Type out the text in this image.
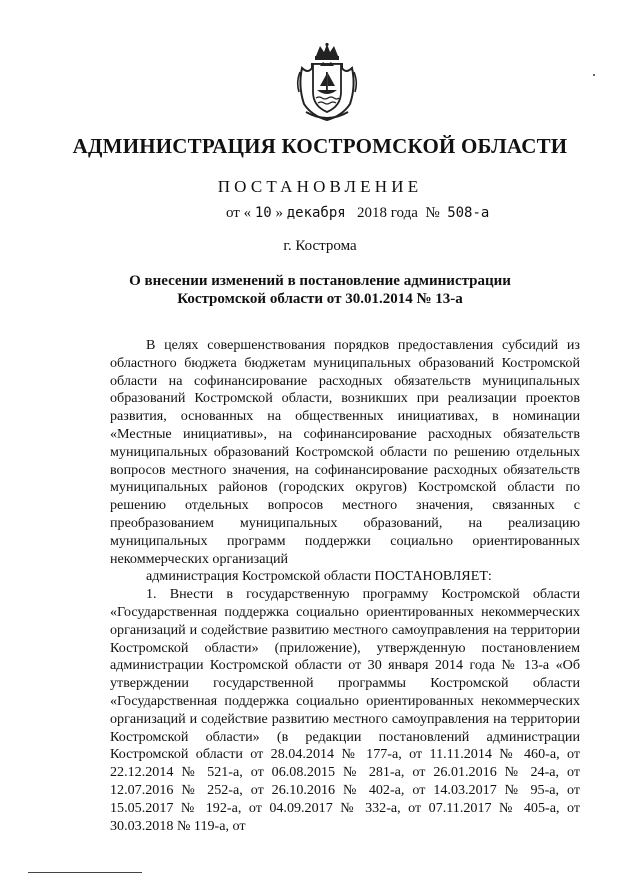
АДМИНИСТРАЦИЯ КОСТРОМСКОЙ ОБЛАСТИ
ПОСТАНОВЛЕНИЕ
от « 10 » декабря 2018 года № 508-а
г. Кострома
О внесении изменений в постановление администрации
Костромской области от 30.01.2014 № 13-а

В целях совершенствования порядков предоставления субсидий из областного бюджета бюджетам муниципальных образований Костромской области на софинансирование расходных обязательств муниципальных образований Костромской области, возникших при реализации проектов развития, основанных на общественных инициативах, в номинации «Местные инициативы», на софинансирование расходных обязательств муниципальных образований Костромской области по решению отдельных вопросов местного значения, на софинансирование расходных обязательств муниципальных районов (городских округов) Костромской области по решению отдельных вопросов местного значения, связанных с преобразованием муниципальных образований, на реализацию муниципальных программ поддержки социально ориентированных некоммерческих организаций

администрация Костромской области ПОСТАНОВЛЯЕТ:

1. Внести в государственную программу Костромской области «Государственная поддержка социально ориентированных некоммерческих организаций и содействие развитию местного самоуправления на территории Костромской области» (приложение), утвержденную постановлением администрации Костромской области от 30 января 2014 года № 13-а «Об утверждении государственной программы Костромской области «Государственная поддержка социально ориентированных некоммерческих организаций и содействие развитию местного самоуправления на территории Костромской области» (в редакции постановлений администрации Костромской области от 28.04.2014 № 177-а, от 11.11.2014 № 460-а, от 22.12.2014 № 521-а, от 06.08.2015 № 281-а, от 26.01.2016 № 24-а, от 12.07.2016 № 252-а, от 26.10.2016 № 402-а, от 14.03.2017 № 95-а, от 15.05.2017 № 192-а, от 04.09.2017 № 332-а, от 07.11.2017 № 405-а, от 30.03.2018 № 119-а, от
